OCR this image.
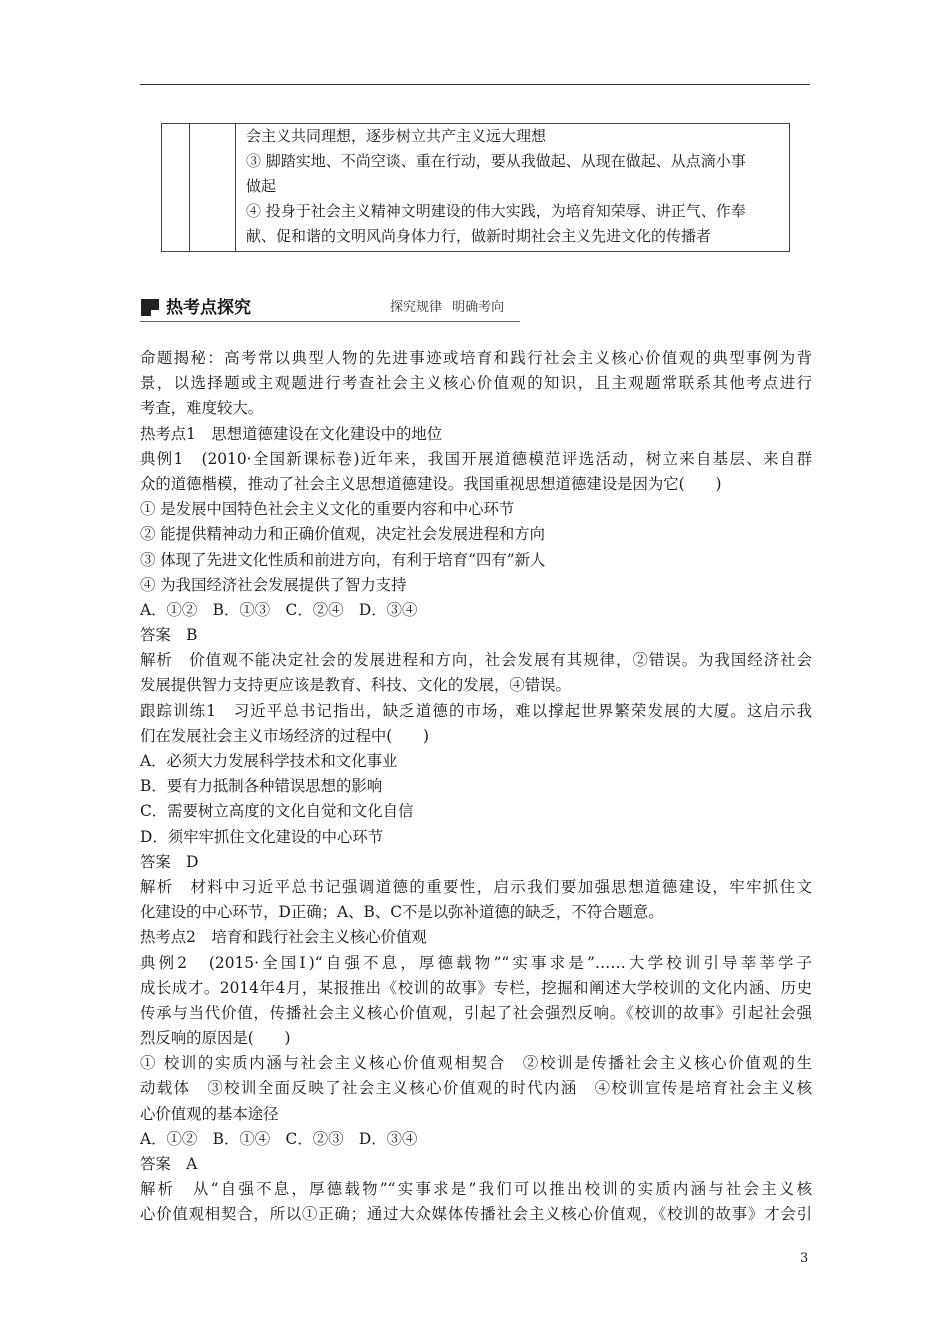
会主义共同理想，逐步树立共产主义远大理想
③ 脚踏实地、不尚空谈、重在行动，要从我做起、从现在做起、从点滴小事
做起
④ 投身于社会主义精神文明建设的伟大实践，为培育知荣辱、讲正气、作奉
献、促和谐的文明风尚身体力行，做新时期社会主义先进文化的传播者
热考点探究	探究规律 明确考向
命题揭秘：高考常以典型人物的先进事迹或培育和践行社会主义核心价值观的典型事例为背
景，以选择题或主观题进行考查社会主义核心价值观的知识，且主观题常联系其他考点进行
考查，难度较大。
热考点1　思想道德建设在文化建设中的地位
典例1　(2010·全国新课标卷)近年来，我国开展道德模范评选活动，树立来自基层、来自群
众的道德楷模，推动了社会主义思想道德建设。我国重视思想道德建设是因为它(　　)
① 是发展中国特色社会主义文化的重要内容和中心环节
② 能提供精神动力和正确价值观，决定社会发展进程和方向
③ 体现了先进文化性质和前进方向，有利于培育“四有”新人
④ 为我国经济社会发展提供了智力支持
A．①②　B．①③　C．②④　D．③④
答案　B
解析　价值观不能决定社会的发展进程和方向，社会发展有其规律，②错误。为我国经济社会
发展提供智力支持更应该是教育、科技、文化的发展，④错误。
跟踪训练1　习近平总书记指出，缺乏道德的市场，难以撑起世界繁荣发展的大厦。这启示我
们在发展社会主义市场经济的过程中(　　)
A．必须大力发展科学技术和文化事业
B．要有力抵制各种错误思想的影响
C．需要树立高度的文化自觉和文化自信
D．须牢牢抓住文化建设的中心环节
答案　D
解析　材料中习近平总书记强调道德的重要性，启示我们要加强思想道德建设，牢牢抓住文
化建设的中心环节，D正确；A、B、C不是以弥补道德的缺乏，不符合题意。
热考点2　培育和践行社会主义核心价值观
典例2　(2015·全国Ⅰ)“自强不息，厚德载物”“实事求是”……大学校训引导莘莘学子
成长成才。2014年4月，某报推出《校训的故事》专栏，挖掘和阐述大学校训的文化内涵、历史
传承与当代价值，传播社会主义核心价值观，引起了社会强烈反响。《校训的故事》引起社会强
烈反响的原因是(　　)
① 校训的实质内涵与社会主义核心价值观相契合　②校训是传播社会主义核心价值观的生
动载体　③校训全面反映了社会主义核心价值观的时代内涵　④校训宣传是培育社会主义核
心价值观的基本途径
A．①②　B．①④　C．②③　D．③④
答案　A
解析　从“自强不息，厚德载物”“实事求是”我们可以推出校训的实质内涵与社会主义核
心价值观相契合，所以①正确；通过大众媒体传播社会主义核心价值观，《校训的故事》才会引
3
